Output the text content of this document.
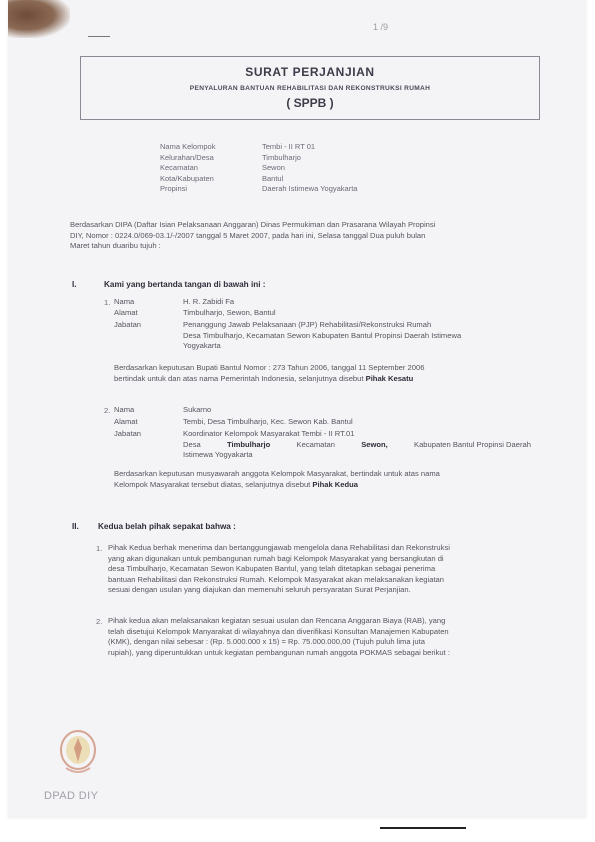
1 /9
SURAT PERJANJIAN
PENYALURAN BANTUAN REHABILITASI DAN REKONSTRUKSI RUMAH
( SPPB )
Nama Kelompok	Tembi - II RT 01
Kelurahan/Desa	Timbulharjo
Kecamatan	Sewon
Kota/Kabupaten	Bantul
Propinsi	Daerah Istimewa Yogyakarta
Berdasarkan DIPA (Daftar Isian Pelaksanaan Anggaran) Dinas Permukiman dan Prasarana Wilayah Propinsi
DIY, Nomor : 0224.0/069-03.1/-/2007 tanggal 5 Maret 2007, pada hari ini, Selasa tanggal Dua puluh bulan
Maret tahun duaribu tujuh :
I.	Kami yang bertanda tangan di bawah ini :
1. Nama	H. R. Zabidi Fa
Alamat	Timbulharjo, Sewon, Bantul
Jabatan	Penanggung Jawab Pelaksanaan (PJP) Rehabilitasi/Rekonstruksi Rumah
Desa Timbulharjo, Kecamatan Sewon Kabupaten Bantul Propinsi Daerah Istimewa
Yogyakarta
Berdasarkan keputusan Bupati Bantul Nomor : 273 Tahun 2006, tanggal 11 September 2006
bertindak untuk dan atas nama Pemerintah Indonesia, selanjutnya disebut Pihak Kesatu
2. Nama	Sukarno
Alamat	Tembi, Desa Timbulharjo, Kec. Sewon Kab. Bantul
Jabatan	Koordinator Kelompok Masyarakat Tembi - II RT.01
Desa	Timbulharjo	Kecamatan	Sewon,	Kabupaten Bantul Propinsi Daerah
Istimewa Yogyakarta
Berdasarkan keputusan musyawarah anggota Kelompok Masyarakat, bertindak untuk atas nama
Kelompok Masyarakat tersebut diatas, selanjutnya disebut Pihak Kedua
II. Kedua belah pihak sepakat bahwa :
1. Pihak Kedua berhak menerima dan bertanggungjawab mengelola dana Rehabilitasi dan Rekonstruksi
yang akan digunakan untuk pembangunan rumah bagi Kelompok Masyarakat yang bersangkutan di
desa Timbulharjo, Kecamatan Sewon Kabupaten Bantul, yang telah ditetapkan sebagai penerima
bantuan Rehabilitasi dan Rekonstruksi Rumah. Kelompok Masyarakat akan melaksanakan kegiatan
sesuai dengan usulan yang diajukan dan memenuhi seluruh persyaratan Surat Perjanjian.
2. Pihak kedua akan melaksanakan kegiatan sesuai usulan dan Rencana Anggaran Biaya (RAB), yang
telah disetujui Kelompok Manyarakat di wilayahnya dan diverifikasi Konsultan Manajemen Kabupaten
(KMK), dengan nilai sebesar : (Rp. 5.000.000 x 15) = Rp. 75.000.000,00 (Tujuh puluh lima juta
rupiah), yang diperuntukkan untuk kegiatan pembangunan rumah anggota POKMAS sebagai berikut :
DPAD DIY
